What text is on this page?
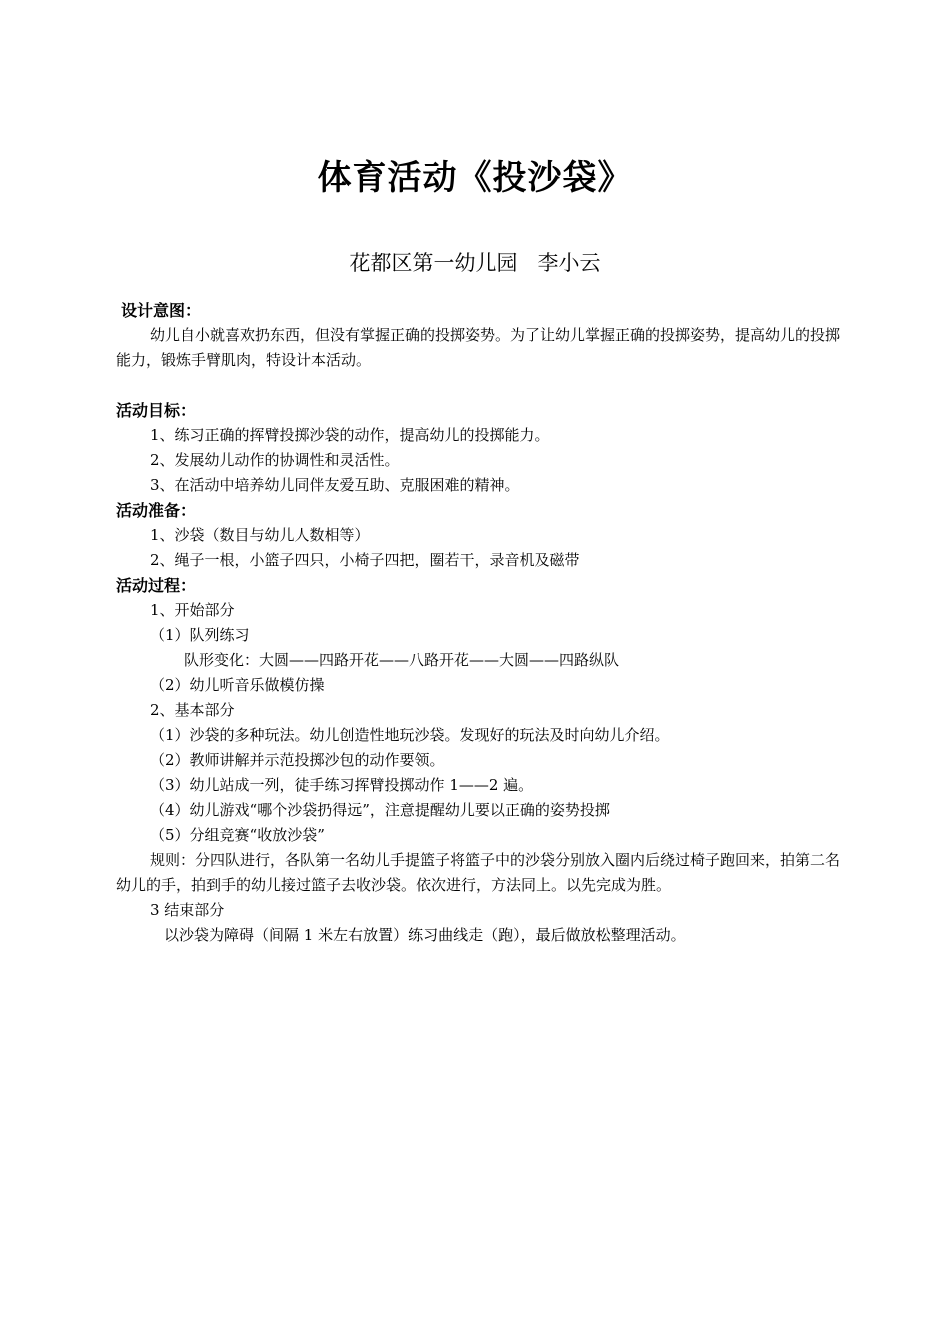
体育活动《投沙袋》

花都区第一幼儿园   李小云

设计意图：

幼儿自小就喜欢扔东西，但没有掌握正确的投掷姿势。为了让幼儿掌握正确的投掷姿势，提高幼儿的投掷能力，锻炼手臂肌肉，特设计本活动。

活动目标：

1、练习正确的挥臂投掷沙袋的动作，提高幼儿的投掷能力。

2、发展幼儿动作的协调性和灵活性。

3、在活动中培养幼儿同伴友爱互助、克服困难的精神。

活动准备：

1、沙袋（数目与幼儿人数相等）

2、绳子一根，小篮子四只，小椅子四把，圈若干，录音机及磁带

活动过程：

1、开始部分

（1）队列练习

队形变化：大圆——四路开花——八路开花——大圆——四路纵队

（2）幼儿听音乐做模仿操

2、基本部分

（1）沙袋的多种玩法。幼儿创造性地玩沙袋。发现好的玩法及时向幼儿介绍。

（2）教师讲解并示范投掷沙包的动作要领。

（3）幼儿站成一列，徒手练习挥臂投掷动作 1——2 遍。

（4）幼儿游戏“哪个沙袋扔得远”，注意提醒幼儿要以正确的姿势投掷

（5）分组竞赛“收放沙袋”

规则：分四队进行，各队第一名幼儿手提篮子将篮子中的沙袋分别放入圈内后绕过椅子跑回来，拍第二名幼儿的手，拍到手的幼儿接过篮子去收沙袋。依次进行，方法同上。以先完成为胜。

3 结束部分

以沙袋为障碍（间隔 1 米左右放置）练习曲线走（跑），最后做放松整理活动。
